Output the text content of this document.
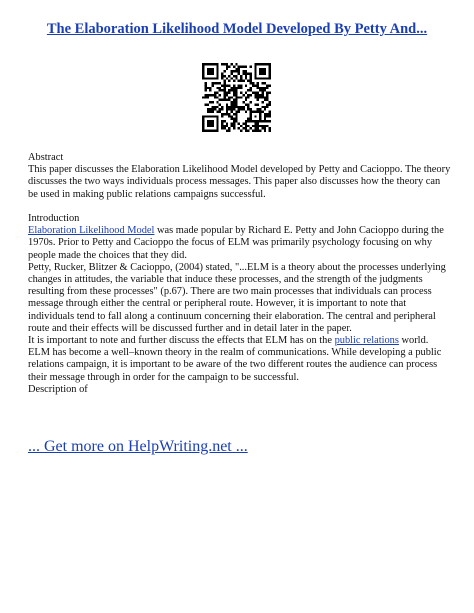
The Elaboration Likelihood Model Developed By Petty And...
Abstract
This paper discusses the Elaboration Likelihood Model developed by Petty and Cacioppo. The theory discusses the two ways individuals process messages. This paper also discusses how the theory can be used in making public relations campaigns successful.
Introduction
Elaboration Likelihood Model was made popular by Richard E. Petty and John Cacioppo during the 1970s. Prior to Petty and Cacioppo the focus of ELM was primarily psychology focusing on why people made the choices that they did.
Petty, Rucker, Blitzer & Cacioppo, (2004) stated, "...ELM is a theory about the processes underlying changes in attitudes, the variable that induce these processes, and the strength of the judgments resulting from these processes" (p.67). There are two main processes that individuals can process message through either the central or peripheral route. However, it is important to note that individuals tend to fall along a continuum concerning their elaboration. The central and peripheral route and their effects will be discussed further and in detail later in the paper.
It is important to note and further discuss the effects that ELM has on the public relations world. ELM has become a well–known theory in the realm of communications. While developing a public relations campaign, it is important to be aware of the two different routes the audience can process their message through in order for the campaign to be successful.
Description of
... Get more on HelpWriting.net ...
